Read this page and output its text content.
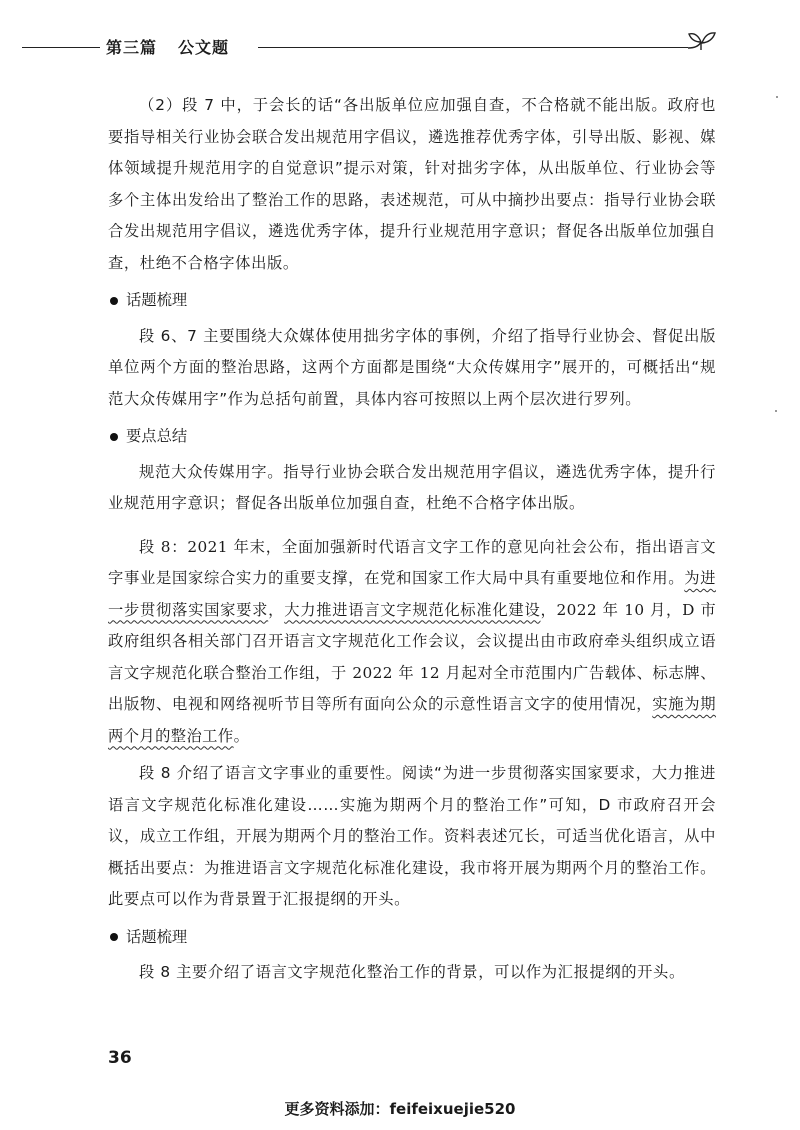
第三篇 公文题

（2）段 7 中，于会长的话“各出版单位应加强自查，不合格就不能出版。政府也要指导相关行业协会联合发出规范用字倡议，遴选推荐优秀字体，引导出版、影视、媒体领域提升规范用字的自觉意识”提示对策，针对拙劣字体，从出版单位、行业协会等多个主体出发给出了整治工作的思路，表述规范，可从中摘抄出要点：指导行业协会联合发出规范用字倡议，遴选优秀字体，提升行业规范用字意识；督促各出版单位加强自查，杜绝不合格字体出版。

话题梳理

段 6、7 主要围绕大众媒体使用拙劣字体的事例，介绍了指导行业协会、督促出版单位两个方面的整治思路，这两个方面都是围绕“大众传媒用字”展开的，可概括出“规范大众传媒用字”作为总括句前置，具体内容可按照以上两个层次进行罗列。

要点总结

规范大众传媒用字。指导行业协会联合发出规范用字倡议，遴选优秀字体，提升行业规范用字意识；督促各出版单位加强自查，杜绝不合格字体出版。

段 8：2021 年末，全面加强新时代语言文字工作的意见向社会公布，指出语言文字事业是国家综合实力的重要支撑，在党和国家工作大局中具有重要地位和作用。为进一步贯彻落实国家要求，大力推进语言文字规范化标准化建设，2022 年 10 月，D 市政府组织各相关部门召开语言文字规范化工作会议，会议提出由市政府牵头组织成立语言文字规范化联合整治工作组，于 2022 年 12 月起对全市范围内广告载体、标志牌、出版物、电视和网络视听节目等所有面向公众的示意性语言文字的使用情况，实施为期两个月的整治工作。

段 8 介绍了语言文字事业的重要性。阅读“为进一步贯彻落实国家要求，大力推进语言文字规范化标准化建设……实施为期两个月的整治工作”可知，D 市政府召开会议，成立工作组，开展为期两个月的整治工作。资料表述冗长，可适当优化语言，从中概括出要点：为推进语言文字规范化标准化建设，我市将开展为期两个月的整治工作。此要点可以作为背景置于汇报提纲的开头。

话题梳理

段 8 主要介绍了语言文字规范化整治工作的背景，可以作为汇报提纲的开头。

36
更多资料添加：feifeixuejie520
